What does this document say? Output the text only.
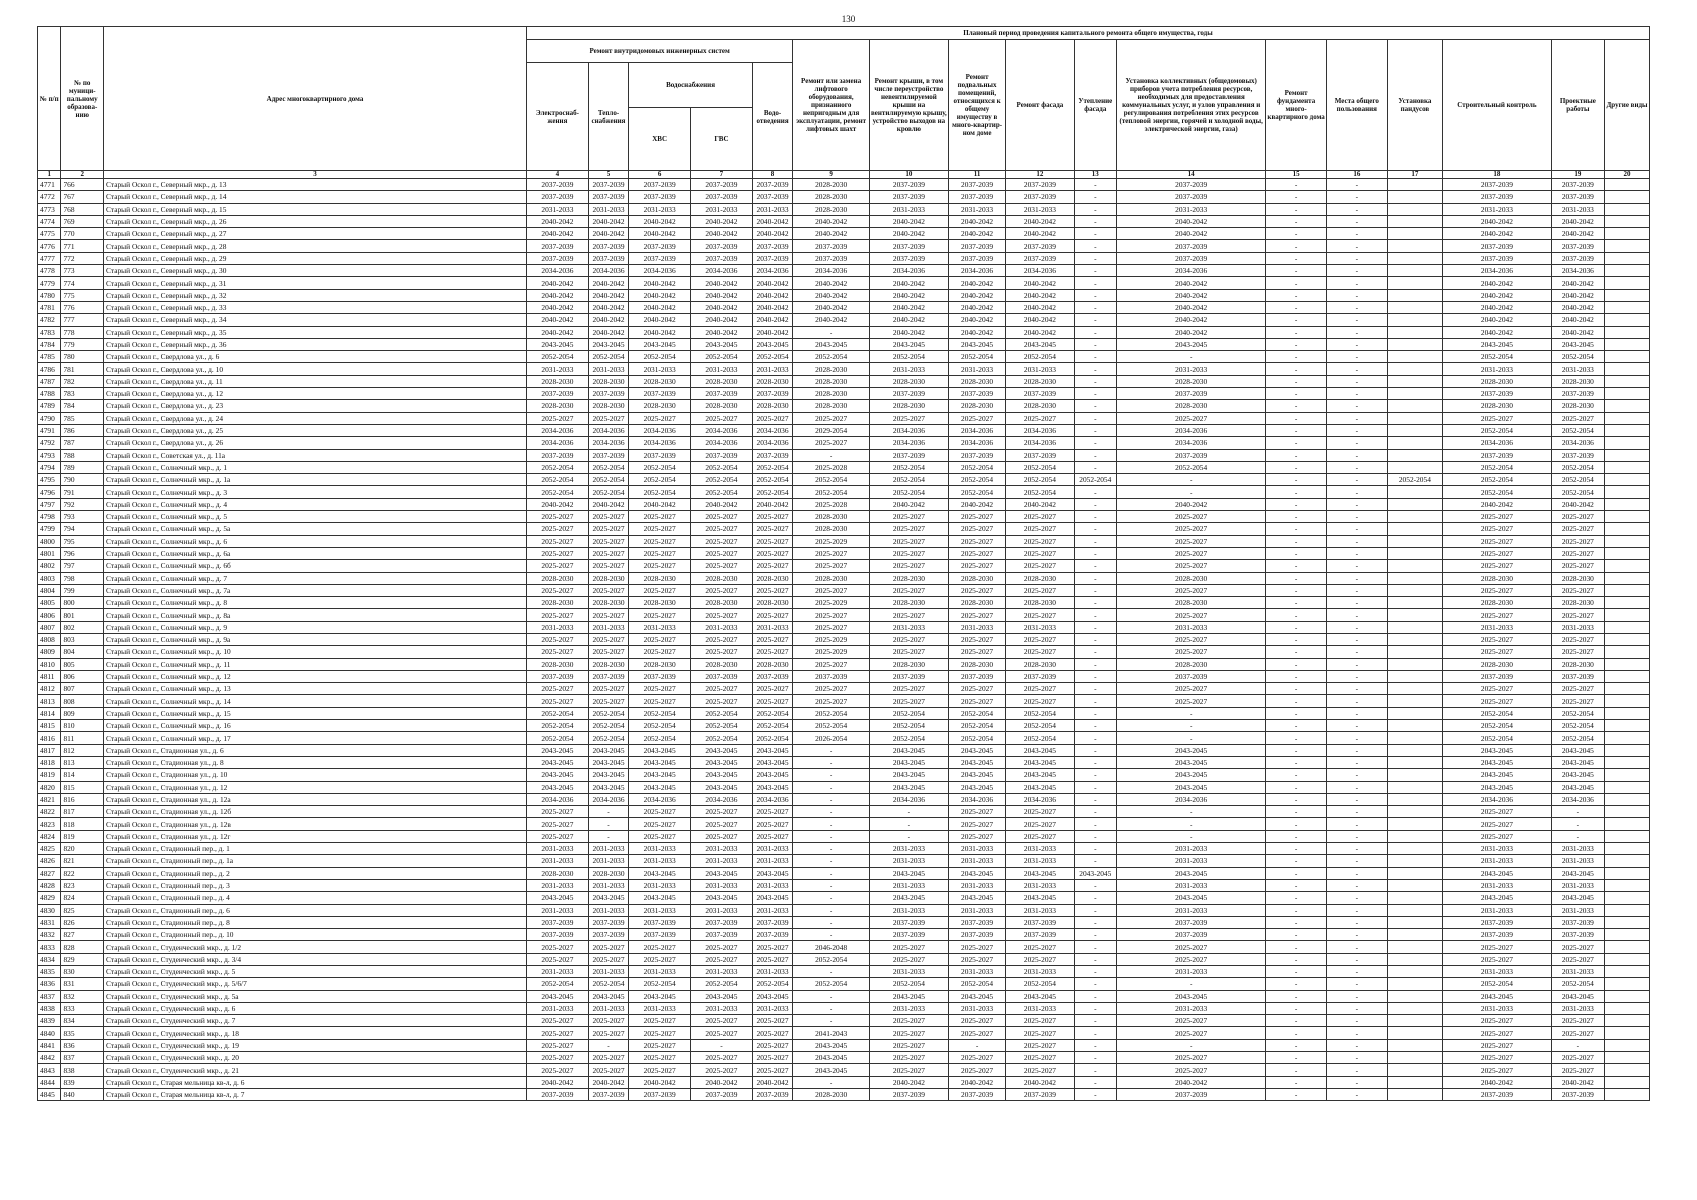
130
№ п/п	№ по муници-пальному образова-нию	Адрес многоквартирного дома	Плановый период проведения капитального ремонта общего имущества, годы																
			Ремонт внутридомовых инженерных систем					Ремонт или замена лифтового оборудования, признанного непригодным для эксплуатации, ремонт лифтовых шахт	Ремонт крыши, в том числе переустройство невентилируемой крыши на вентилируемую крышу, устройство выходов на кровлю	Ремонт подвальных помещений, относящихся к общему имуществу в много-квартир-ном доме	Ремонт фасада	Утепление фасада	Установка коллективных (общедомовых) приборов учета потребления ресурсов, необходимых для предоставления коммунальных услуг, и узлов управления и регулирования потребления этих ресурсов (тепловой энергии, горячей и холодной воды, электрической энергии, газа)	Ремонт фундамента много-квартирного дома	Места общего пользования	Установка пандусов	Строительный контроль	Проектные работы	Другие виды
			Электроснаб-жения	Тепло-снабжения	Водоснабжения		Водо-отведения												
					ХВС	ГВС													
1	2	3	4	5	6	7	8	9	10	11	12	13	14	15	16	17	18	19	20
4771	766	Старый Оскол г., Северный мкр., д. 13	2037-2039	2037-2039	2037-2039	2037-2039	2037-2039	2028-2030	2037-2039	2037-2039	2037-2039	-	2037-2039	-	-		2037-2039	2037-2039	
4772	767	Старый Оскол г., Северный мкр., д. 14	2037-2039	2037-2039	2037-2039	2037-2039	2037-2039	2028-2030	2037-2039	2037-2039	2037-2039	-	2037-2039	-	-		2037-2039	2037-2039	
4773	768	Старый Оскол г., Северный мкр., д. 15	2031-2033	2031-2033	2031-2033	2031-2033	2031-2033	2028-2030	2031-2033	2031-2033	2031-2033	-	2031-2033	-	-		2031-2033	2031-2033	
4774	769	Старый Оскол г., Северный мкр., д. 26	2040-2042	2040-2042	2040-2042	2040-2042	2040-2042	2040-2042	2040-2042	2040-2042	2040-2042	-	2040-2042	-	-		2040-2042	2040-2042	
4775	770	Старый Оскол г., Северный мкр., д. 27	2040-2042	2040-2042	2040-2042	2040-2042	2040-2042	2040-2042	2040-2042	2040-2042	2040-2042	-	2040-2042	-	-		2040-2042	2040-2042	
4776	771	Старый Оскол г., Северный мкр., д. 28	2037-2039	2037-2039	2037-2039	2037-2039	2037-2039	2037-2039	2037-2039	2037-2039	2037-2039	-	2037-2039	-	-		2037-2039	2037-2039	
4777	772	Старый Оскол г., Северный мкр., д. 29	2037-2039	2037-2039	2037-2039	2037-2039	2037-2039	2037-2039	2037-2039	2037-2039	2037-2039	-	2037-2039	-	-		2037-2039	2037-2039	
4778	773	Старый Оскол г., Северный мкр., д. 30	2034-2036	2034-2036	2034-2036	2034-2036	2034-2036	2034-2036	2034-2036	2034-2036	2034-2036	-	2034-2036	-	-		2034-2036	2034-2036	
4779	774	Старый Оскол г., Северный мкр., д. 31	2040-2042	2040-2042	2040-2042	2040-2042	2040-2042	2040-2042	2040-2042	2040-2042	2040-2042	-	2040-2042	-	-		2040-2042	2040-2042	
4780	775	Старый Оскол г., Северный мкр., д. 32	2040-2042	2040-2042	2040-2042	2040-2042	2040-2042	2040-2042	2040-2042	2040-2042	2040-2042	-	2040-2042	-	-		2040-2042	2040-2042	
4781	776	Старый Оскол г., Северный мкр., д. 33	2040-2042	2040-2042	2040-2042	2040-2042	2040-2042	2040-2042	2040-2042	2040-2042	2040-2042	-	2040-2042	-	-		2040-2042	2040-2042	
4782	777	Старый Оскол г., Северный мкр., д. 34	2040-2042	2040-2042	2040-2042	2040-2042	2040-2042	2040-2042	2040-2042	2040-2042	2040-2042	-	2040-2042	-	-		2040-2042	2040-2042	
4783	778	Старый Оскол г., Северный мкр., д. 35	2040-2042	2040-2042	2040-2042	2040-2042	2040-2042	-	2040-2042	2040-2042	2040-2042	-	2040-2042	-	-		2040-2042	2040-2042	
4784	779	Старый Оскол г., Северный мкр., д. 36	2043-2045	2043-2045	2043-2045	2043-2045	2043-2045	2043-2045	2043-2045	2043-2045	2043-2045	-	2043-2045	-	-		2043-2045	2043-2045	
4785	780	Старый Оскол г., Свердлова ул., д. 6	2052-2054	2052-2054	2052-2054	2052-2054	2052-2054	2052-2054	2052-2054	2052-2054	2052-2054	-	-	-	-		2052-2054	2052-2054	
4786	781	Старый Оскол г., Свердлова ул., д. 10	2031-2033	2031-2033	2031-2033	2031-2033	2031-2033	2028-2030	2031-2033	2031-2033	2031-2033	-	2031-2033	-	-		2031-2033	2031-2033	
4787	782	Старый Оскол г., Свердлова ул., д. 11	2028-2030	2028-2030	2028-2030	2028-2030	2028-2030	2028-2030	2028-2030	2028-2030	2028-2030	-	2028-2030	-	-		2028-2030	2028-2030	
4788	783	Старый Оскол г., Свердлова ул., д. 12	2037-2039	2037-2039	2037-2039	2037-2039	2037-2039	2028-2030	2037-2039	2037-2039	2037-2039	-	2037-2039	-	-		2037-2039	2037-2039	
4789	784	Старый Оскол г., Свердлова ул., д. 23	2028-2030	2028-2030	2028-2030	2028-2030	2028-2030	2028-2030	2028-2030	2028-2030	2028-2030	-	2028-2030	-	-		2028-2030	2028-2030	
4790	785	Старый Оскол г., Свердлова ул., д. 24	2025-2027	2025-2027	2025-2027	2025-2027	2025-2027	2025-2027	2025-2027	2025-2027	2025-2027	-	2025-2027	-	-		2025-2027	2025-2027	
4791	786	Старый Оскол г., Свердлова ул., д. 25	2034-2036	2034-2036	2034-2036	2034-2036	2034-2036	2029-2054	2034-2036	2034-2036	2034-2036	-	2034-2036	-	-		2052-2054	2052-2054	
4792	787	Старый Оскол г., Свердлова ул., д. 26	2034-2036	2034-2036	2034-2036	2034-2036	2034-2036	2025-2027	2034-2036	2034-2036	2034-2036	-	2034-2036	-	-		2034-2036	2034-2036	
4793	788	Старый Оскол г., Советская ул., д. 11а	2037-2039	2037-2039	2037-2039	2037-2039	2037-2039	-	2037-2039	2037-2039	2037-2039	-	2037-2039	-	-		2037-2039	2037-2039	
4794	789	Старый Оскол г., Солнечный мкр., д. 1	2052-2054	2052-2054	2052-2054	2052-2054	2052-2054	2025-2028	2052-2054	2052-2054	2052-2054	-	2052-2054	-	-		2052-2054	2052-2054	
4795	790	Старый Оскол г., Солнечный мкр., д. 1а	2052-2054	2052-2054	2052-2054	2052-2054	2052-2054	2052-2054	2052-2054	2052-2054	2052-2054	2052-2054	-	-	-	2052-2054	2052-2054	2052-2054	
4796	791	Старый Оскол г., Солнечный мкр., д. 3	2052-2054	2052-2054	2052-2054	2052-2054	2052-2054	2052-2054	2052-2054	2052-2054	2052-2054	-	-	-	-		2052-2054	2052-2054	
4797	792	Старый Оскол г., Солнечный мкр., д. 4	2040-2042	2040-2042	2040-2042	2040-2042	2040-2042	2025-2028	2040-2042	2040-2042	2040-2042	-	2040-2042	-	-		2040-2042	2040-2042	
4798	793	Старый Оскол г., Солнечный мкр., д. 5	2025-2027	2025-2027	2025-2027	2025-2027	2025-2027	2028-2030	2025-2027	2025-2027	2025-2027	-	2025-2027	-	-		2025-2027	2025-2027	
4799	794	Старый Оскол г., Солнечный мкр., д. 5а	2025-2027	2025-2027	2025-2027	2025-2027	2025-2027	2028-2030	2025-2027	2025-2027	2025-2027	-	2025-2027	-	-		2025-2027	2025-2027	
4800	795	Старый Оскол г., Солнечный мкр., д. 6	2025-2027	2025-2027	2025-2027	2025-2027	2025-2027	2025-2029	2025-2027	2025-2027	2025-2027	-	2025-2027	-	-		2025-2027	2025-2027	
4801	796	Старый Оскол г., Солнечный мкр., д. 6а	2025-2027	2025-2027	2025-2027	2025-2027	2025-2027	2025-2027	2025-2027	2025-2027	2025-2027	-	2025-2027	-	-		2025-2027	2025-2027	
4802	797	Старый Оскол г., Солнечный мкр., д. 6б	2025-2027	2025-2027	2025-2027	2025-2027	2025-2027	2025-2027	2025-2027	2025-2027	2025-2027	-	2025-2027	-	-		2025-2027	2025-2027	
4803	798	Старый Оскол г., Солнечный мкр., д. 7	2028-2030	2028-2030	2028-2030	2028-2030	2028-2030	2028-2030	2028-2030	2028-2030	2028-2030	-	2028-2030	-	-		2028-2030	2028-2030	
4804	799	Старый Оскол г., Солнечный мкр., д. 7а	2025-2027	2025-2027	2025-2027	2025-2027	2025-2027	2025-2027	2025-2027	2025-2027	2025-2027	-	2025-2027	-	-		2025-2027	2025-2027	
4805	800	Старый Оскол г., Солнечный мкр., д. 8	2028-2030	2028-2030	2028-2030	2028-2030	2028-2030	2025-2029	2028-2030	2028-2030	2028-2030	-	2028-2030	-	-		2028-2030	2028-2030	
4806	801	Старый Оскол г., Солнечный мкр., д. 8а	2025-2027	2025-2027	2025-2027	2025-2027	2025-2027	2025-2027	2025-2027	2025-2027	2025-2027	-	2025-2027	-	-		2025-2027	2025-2027	
4807	802	Старый Оскол г., Солнечный мкр., д. 9	2031-2033	2031-2033	2031-2033	2031-2033	2031-2033	2025-2027	2031-2033	2031-2033	2031-2033	-	2031-2033	-	-		2031-2033	2031-2033	
4808	803	Старый Оскол г., Солнечный мкр., д. 9а	2025-2027	2025-2027	2025-2027	2025-2027	2025-2027	2025-2029	2025-2027	2025-2027	2025-2027	-	2025-2027	-	-		2025-2027	2025-2027	
4809	804	Старый Оскол г., Солнечный мкр., д. 10	2025-2027	2025-2027	2025-2027	2025-2027	2025-2027	2025-2029	2025-2027	2025-2027	2025-2027	-	2025-2027	-	-		2025-2027	2025-2027	
4810	805	Старый Оскол г., Солнечный мкр., д. 11	2028-2030	2028-2030	2028-2030	2028-2030	2028-2030	2025-2027	2028-2030	2028-2030	2028-2030	-	2028-2030	-	-		2028-2030	2028-2030	
4811	806	Старый Оскол г., Солнечный мкр., д. 12	2037-2039	2037-2039	2037-2039	2037-2039	2037-2039	2037-2039	2037-2039	2037-2039	2037-2039	-	2037-2039	-	-		2037-2039	2037-2039	
4812	807	Старый Оскол г., Солнечный мкр., д. 13	2025-2027	2025-2027	2025-2027	2025-2027	2025-2027	2025-2027	2025-2027	2025-2027	2025-2027	-	2025-2027	-	-		2025-2027	2025-2027	
4813	808	Старый Оскол г., Солнечный мкр., д. 14	2025-2027	2025-2027	2025-2027	2025-2027	2025-2027	2025-2027	2025-2027	2025-2027	2025-2027	-	2025-2027	-	-		2025-2027	2025-2027	
4814	809	Старый Оскол г., Солнечный мкр., д. 15	2052-2054	2052-2054	2052-2054	2052-2054	2052-2054	2052-2054	2052-2054	2052-2054	2052-2054	-	-	-	-		2052-2054	2052-2054	
4815	810	Старый Оскол г., Солнечный мкр., д. 16	2052-2054	2052-2054	2052-2054	2052-2054	2052-2054	2052-2054	2052-2054	2052-2054	2052-2054	-	-	-	-		2052-2054	2052-2054	
4816	811	Старый Оскол г., Солнечный мкр., д. 17	2052-2054	2052-2054	2052-2054	2052-2054	2052-2054	2026-2054	2052-2054	2052-2054	2052-2054	-	-	-	-		2052-2054	2052-2054	
4817	812	Старый Оскол г., Стадионная ул., д. 6	2043-2045	2043-2045	2043-2045	2043-2045	2043-2045	-	2043-2045	2043-2045	2043-2045	-	2043-2045	-	-		2043-2045	2043-2045	
4818	813	Старый Оскол г., Стадионная ул., д. 8	2043-2045	2043-2045	2043-2045	2043-2045	2043-2045	-	2043-2045	2043-2045	2043-2045	-	2043-2045	-	-		2043-2045	2043-2045	
4819	814	Старый Оскол г., Стадионная ул., д. 10	2043-2045	2043-2045	2043-2045	2043-2045	2043-2045	-	2043-2045	2043-2045	2043-2045	-	2043-2045	-	-		2043-2045	2043-2045	
4820	815	Старый Оскол г., Стадионная ул., д. 12	2043-2045	2043-2045	2043-2045	2043-2045	2043-2045	-	2043-2045	2043-2045	2043-2045	-	2043-2045	-	-		2043-2045	2043-2045	
4821	816	Старый Оскол г., Стадионная ул., д. 12а	2034-2036	2034-2036	2034-2036	2034-2036	2034-2036	-	2034-2036	2034-2036	2034-2036	-	2034-2036	-	-		2034-2036	2034-2036	
4822	817	Старый Оскол г., Стадионная ул., д. 12б	2025-2027	-	2025-2027	2025-2027	2025-2027	-	-	2025-2027	2025-2027	-	-	-	-		2025-2027	-	
4823	818	Старый Оскол г., Стадионная ул., д. 12в	2025-2027	-	2025-2027	2025-2027	2025-2027	-	-	2025-2027	2025-2027	-	-	-	-		2025-2027	-	
4824	819	Старый Оскол г., Стадионная ул., д. 12г	2025-2027	-	2025-2027	2025-2027	2025-2027	-	-	2025-2027	2025-2027	-	-	-	-		2025-2027	-	
4825	820	Старый Оскол г., Стадионный пер., д. 1	2031-2033	2031-2033	2031-2033	2031-2033	2031-2033	-	2031-2033	2031-2033	2031-2033	-	2031-2033	-	-		2031-2033	2031-2033	
4826	821	Старый Оскол г., Стадионный пер., д. 1а	2031-2033	2031-2033	2031-2033	2031-2033	2031-2033	-	2031-2033	2031-2033	2031-2033	-	2031-2033	-	-		2031-2033	2031-2033	
4827	822	Старый Оскол г., Стадионный пер., д. 2	2028-2030	2028-2030	2043-2045	2043-2045	2043-2045	-	2043-2045	2043-2045	2043-2045	2043-2045	2043-2045	-	-		2043-2045	2043-2045	
4828	823	Старый Оскол г., Стадионный пер., д. 3	2031-2033	2031-2033	2031-2033	2031-2033	2031-2033	-	2031-2033	2031-2033	2031-2033	-	2031-2033	-	-		2031-2033	2031-2033	
4829	824	Старый Оскол г., Стадионный пер., д. 4	2043-2045	2043-2045	2043-2045	2043-2045	2043-2045	-	2043-2045	2043-2045	2043-2045	-	2043-2045	-	-		2043-2045	2043-2045	
4830	825	Старый Оскол г., Стадионный пер., д. 6	2031-2033	2031-2033	2031-2033	2031-2033	2031-2033	-	2031-2033	2031-2033	2031-2033	-	2031-2033	-	-		2031-2033	2031-2033	
4831	826	Старый Оскол г., Стадионный пер., д. 8	2037-2039	2037-2039	2037-2039	2037-2039	2037-2039	-	2037-2039	2037-2039	2037-2039	-	2037-2039	-	-		2037-2039	2037-2039	
4832	827	Старый Оскол г., Стадионный пер., д. 10	2037-2039	2037-2039	2037-2039	2037-2039	2037-2039	-	2037-2039	2037-2039	2037-2039	-	2037-2039	-	-		2037-2039	2037-2039	
4833	828	Старый Оскол г., Студенческий мкр., д. 1/2	2025-2027	2025-2027	2025-2027	2025-2027	2025-2027	2046-2048	2025-2027	2025-2027	2025-2027	-	2025-2027	-	-		2025-2027	2025-2027	
4834	829	Старый Оскол г., Студенческий мкр., д. 3/4	2025-2027	2025-2027	2025-2027	2025-2027	2025-2027	2052-2054	2025-2027	2025-2027	2025-2027	-	2025-2027	-	-		2025-2027	2025-2027	
4835	830	Старый Оскол г., Студенческий мкр., д. 5	2031-2033	2031-2033	2031-2033	2031-2033	2031-2033	-	2031-2033	2031-2033	2031-2033	-	2031-2033	-	-		2031-2033	2031-2033	
4836	831	Старый Оскол г., Студенческий мкр., д. 5/6/7	2052-2054	2052-2054	2052-2054	2052-2054	2052-2054	2052-2054	2052-2054	2052-2054	2052-2054	-	-	-	-		2052-2054	2052-2054	
4837	832	Старый Оскол г., Студенческий мкр., д. 5а	2043-2045	2043-2045	2043-2045	2043-2045	2043-2045	-	2043-2045	2043-2045	2043-2045	-	2043-2045	-	-		2043-2045	2043-2045	
4838	833	Старый Оскол г., Студенческий мкр., д. 6	2031-2033	2031-2033	2031-2033	2031-2033	2031-2033	-	2031-2033	2031-2033	2031-2033	-	2031-2033	-	-		2031-2033	2031-2033	
4839	834	Старый Оскол г., Студенческий мкр., д. 7	2025-2027	2025-2027	2025-2027	2025-2027	2025-2027	-	2025-2027	2025-2027	2025-2027	-	2025-2027	-	-		2025-2027	2025-2027	
4840	835	Старый Оскол г., Студенческий мкр., д. 18	2025-2027	2025-2027	2025-2027	2025-2027	2025-2027	2041-2043	2025-2027	2025-2027	2025-2027	-	2025-2027	-	-		2025-2027	2025-2027	
4841	836	Старый Оскол г., Студенческий мкр., д. 19	2025-2027	-	2025-2027	-	2025-2027	2043-2045	2025-2027	-	2025-2027	-	-	-	-		2025-2027	-	
4842	837	Старый Оскол г., Студенческий мкр., д. 20	2025-2027	2025-2027	2025-2027	2025-2027	2025-2027	2043-2045	2025-2027	2025-2027	2025-2027	-	2025-2027	-	-		2025-2027	2025-2027	
4843	838	Старый Оскол г., Студенческий мкр., д. 21	2025-2027	2025-2027	2025-2027	2025-2027	2025-2027	2043-2045	2025-2027	2025-2027	2025-2027	-	2025-2027	-	-		2025-2027	2025-2027	
4844	839	Старый Оскол г., Старая мельница кв-л, д. 6	2040-2042	2040-2042	2040-2042	2040-2042	2040-2042	-	2040-2042	2040-2042	2040-2042	-	2040-2042	-	-		2040-2042	2040-2042	
4845	840	Старый Оскол г., Старая мельница кв-л, д. 7	2037-2039	2037-2039	2037-2039	2037-2039	2037-2039	2028-2030	2037-2039	2037-2039	2037-2039	-	2037-2039	-	-		2037-2039	2037-2039	
